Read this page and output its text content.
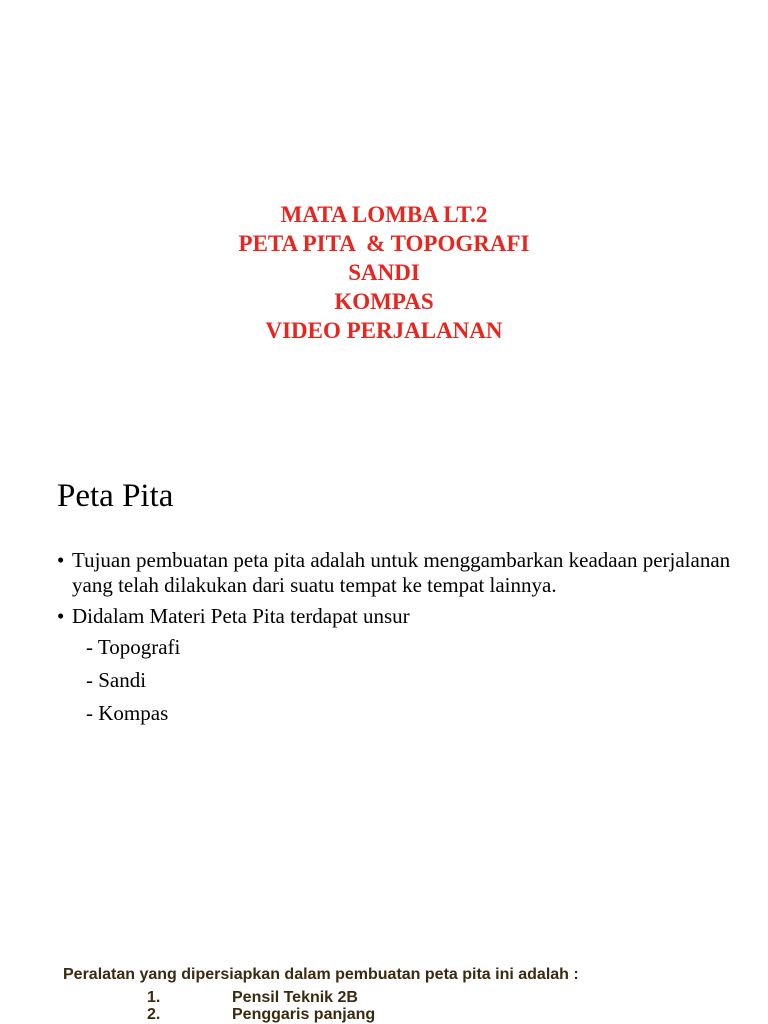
MATA LOMBA LT.2
PETA PITA  & TOPOGRAFI
SANDI
KOMPAS
VIDEO PERJALANAN
Peta Pita
• Tujuan pembuatan peta pita adalah untuk menggambarkan keadaan perjalanan yang telah dilakukan dari suatu tempat ke tempat lainnya.
• Didalam Materi Peta Pita terdapat unsur
- Topografi
- Sandi
- Kompas
Peralatan yang dipersiapkan dalam pembuatan peta pita ini adalah :
1.	Pensil Teknik 2B
2.	Penggaris panjang
